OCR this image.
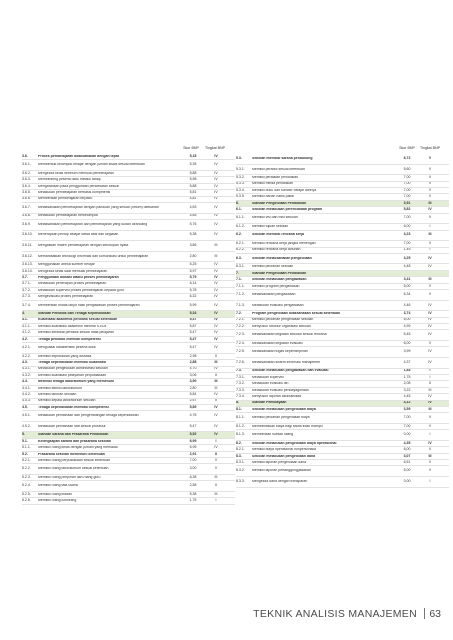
Skor BNP	Tingkat BNP	Skor BNP	Tingkat BNP
3.6.	Proses pembelajaran dilaksanakan dengan tepat	5,18	IV
3.6.1.	Membentuk kelompok belajar dengan jumlah siswa sesuai ketentuan	5,35	IV
3.6.2.	Mengelola kelas sebelum memulai pembelajaran	5,88	IV
3.6.3.	Membimbing peserta didik melalui tahap	5,98	IV
3.6.4.	Mengarahkan pada penggunaan pendekatan sesuai	5,88	IV
3.6.5.	Melakukan pembelajaran berbasis kompetensi	5,81	IV
3.6.6.	Memberikan pembelajaran terpadu	4,81	IV
3.6.7.	Melaksanakan pembelajaran dengan panduan yang sesuai (umum) ditekanan	4,63	IV
3.6.8.	Melakukan pembelajaran berkelompok	4,65	IV
3.6.9.	Melaksanakan pembelajaran dan pembelajaran yang sudah dirancang	5,76	IV
3.6.10.	Menerapkan prinsip belajar siswa aktif dan kegiatan	5,38	IV
3.6.11.	Mengaitkan materi pembelajaran dengan kehidupan nyata	3,86	III
3.6.12.	Memanfaatkan teknologi informasi dan komunikasi untuk pembelajaran	2,80	III
3.6.13.	Menggunakan aneka sumber belajar	5,25	IV
3.6.14.	Mengelola kelas saat memulai pembelajaran	5,97	IV
3.7.	Penggunaan alokasi waktu proses pembelajaran	5,79	IV
3.7.1.	Melakukan penerapan proses pembelajaran	6,14	IV
3.7.2.	Melakukan supervisi proses pembelajaran kepada guru	5,78	IV
3.7.3.	Mengevaluasi proses pembelajaran	6,32	IV
3.7.4.	Memberikan tindak lanjut hasil pengawasan proses pembelajaran	5,99	IV
4.	Standar Pendidik dan Tenaga Kependidikan	5,34	IV
4.1.	Kualifikasi akademik pendidik sesuai ketentuan	5,47	IV
4.1.1.	Memiliki kualifikasi akademik minimal S1/D4	5,87	IV
4.1.2.	Memiliki sertifikat pendidik sesuai mata pelajaran	5,47	IV
4.2.	Tenaga pendidik memiliki kompetensi	5,47	IV
4.2.1.	Menguasai karakteristik peserta didik	5,47	IV
4.2.2.	Memiliki kepribadian yang dewasa	2,98	II
4.3.	Tenaga kependidikan memiliki kualifikasi	2,88	III
4.3.1.	Melakukan pengelolaan administrasi sekolah	4,70	IV
4.3.2.	Memiliki kualifikasi pelayanan perpustakaan	3,06	II
4.4.	Memiliki tenaga laboratorium yang memenuhi	3,90	III
4.4.1.	Memiliki teknisi laboratorium	2,80	III
4.4.2.	Memiliki laboran sekolah	5,84	IV
4.4.3.	Memiliki kepala laboratorium sekolah	2,57	II
4.5.	Tenaga kependidikan memiliki kompetensi	5,89	IV
4.5.1.	Melakukan pembinaan dan pengembangan tenaga kependidikan	4,76	IV
4.5.2.	Melakukan pembinaan staf sesuai prosedur	5,47	IV
5.	Standar Sarana dan Prasarana Pendidikan	5,52	IV
5.1.	Kelengkapan sarana dan prasarana sekolah	6,99	I
5.1.1.	Memiliki ruang kelas dengan jumlah yang memadai	6,95	IV
5.2.	Prasarana sekolah memenuhi ketentuan	2,91	II
5.2.1.	Memiliki ruang perpustakaan sesuai ketentuan	7,00	V
5.2.2.	Memiliki ruang laboratorium sesuai ketentuan	3,00	V
5.2.3.	Memiliki ruang pimpinan dan ruang guru	6,38	III
5.2.4.	Memiliki ruang tata usaha	2,58	II
5.2.5.	Memiliki ruang ibadah	5,38	III
5.2.6.	Memiliki ruang konseling	1,75	I
5.3.	Sekolah memiliki sarana pendukung	6,72	V
5.3.1.	Memiliki perabot sesuai ketentuan	5,60	V
5.3.2.	Memiliki peralatan pendidikan	7,00	V
5.3.3.	Memiliki media pendidikan	7,00	V
5.3.4.	Memiliki buku dan sumber belajar lainnya	7,00	V
5.3.5.	Memiliki bahan habis pakai	7,00	V
6.	Standar Pengelolaan Pendidikan	3,91	III
6.1.	Sekolah melakukan perencanaan program	5,82	IV
6.1.1.	Memiliki visi dan misi sekolah	7,00	V
6.1.2.	Memiliki tujuan sekolah	6,00	I
6.2.	Sekolah memiliki rencana kerja	3,23	III
6.2.1.	Memiliki rencana kerja jangka menengah	7,00	V
6.2.2.	Memiliki rencana kerja tahunan	1,49	I
6.3.	Sekolah melaksanakan pengelolaan	3,25	IV
6.3.1.	Memiliki pedoman sekolah	4,48	IV
7.	Standar Pengelolaan Pendidikan
7.1.	Sekolah melakukan pengawasan	3,41	III
7.1.1.	Memiliki program pengawasan	5,00	V
7.1.2.	Melaksanakan pengawasan	6,34	V
7.1.3.	Melakukan evaluasi pengawasan	4,46	IV
7.2.	Program pengelolaan dilaksanakan sesuai ketentuan	3,74	IV
7.2.1.	Memiliki pedoman pengelolaan sekolah	6,00	IV
7.2.2.	Menyusun struktur organisasi sekolah	4,99	IV
7.2.3.	Melaksanakan kegiatan sekolah sesuai rencana	5,45	IV
7.2.4.	Melaksanakan kegiatan evaluasi	6,00	V
7.2.5.	Melaksanakan tugas kepemimpinan	3,99	IV
7.2.6.	Melaksanakan sistem informasi manajemen	4,37	IV
7.3.	Sekolah melakukan pengawasan dan evaluasi	1,84	I
7.3.1.	Melakukan supervisi	1,75	I
7.3.2.	Melakukan evaluasi diri	2,08	II
7.3.3.	Melakukan evaluasi pendayagunaan	3,22	III
7.3.4.	Menyusun laporan akuntabilitas	4,45	IV
8.	Standar Pembiayaan	4,12	IV
8.1.	Sekolah melakukan pengelolaan biaya	3,59	III
8.1.1.	Memiliki pedoman pengelolaan biaya	7,00	V
8.1.2.	Membebaskan biaya bagi siswa tidak mampu	7,00	V
8.1.3.	Memberikan subsidi silang	0,00	I
8.2.	Sekolah melakukan pengelolaan biaya operasional	4,35	IV
8.2.1.	Memiliki biaya operasional nonpersonalia	6,00	V
8.3.	Sekolah melakukan pengelolaan dana	3,07	III
8.3.1.	Memiliki laporan pengelolaan dana	6,51	V
8.3.2.	Memiliki laporan pertanggungjawaban	5,00	V
8.3.3.	Mengelola dana dengan transparan	0,00	I
TEKNIK ANALISIS MANAJEMEN 63
